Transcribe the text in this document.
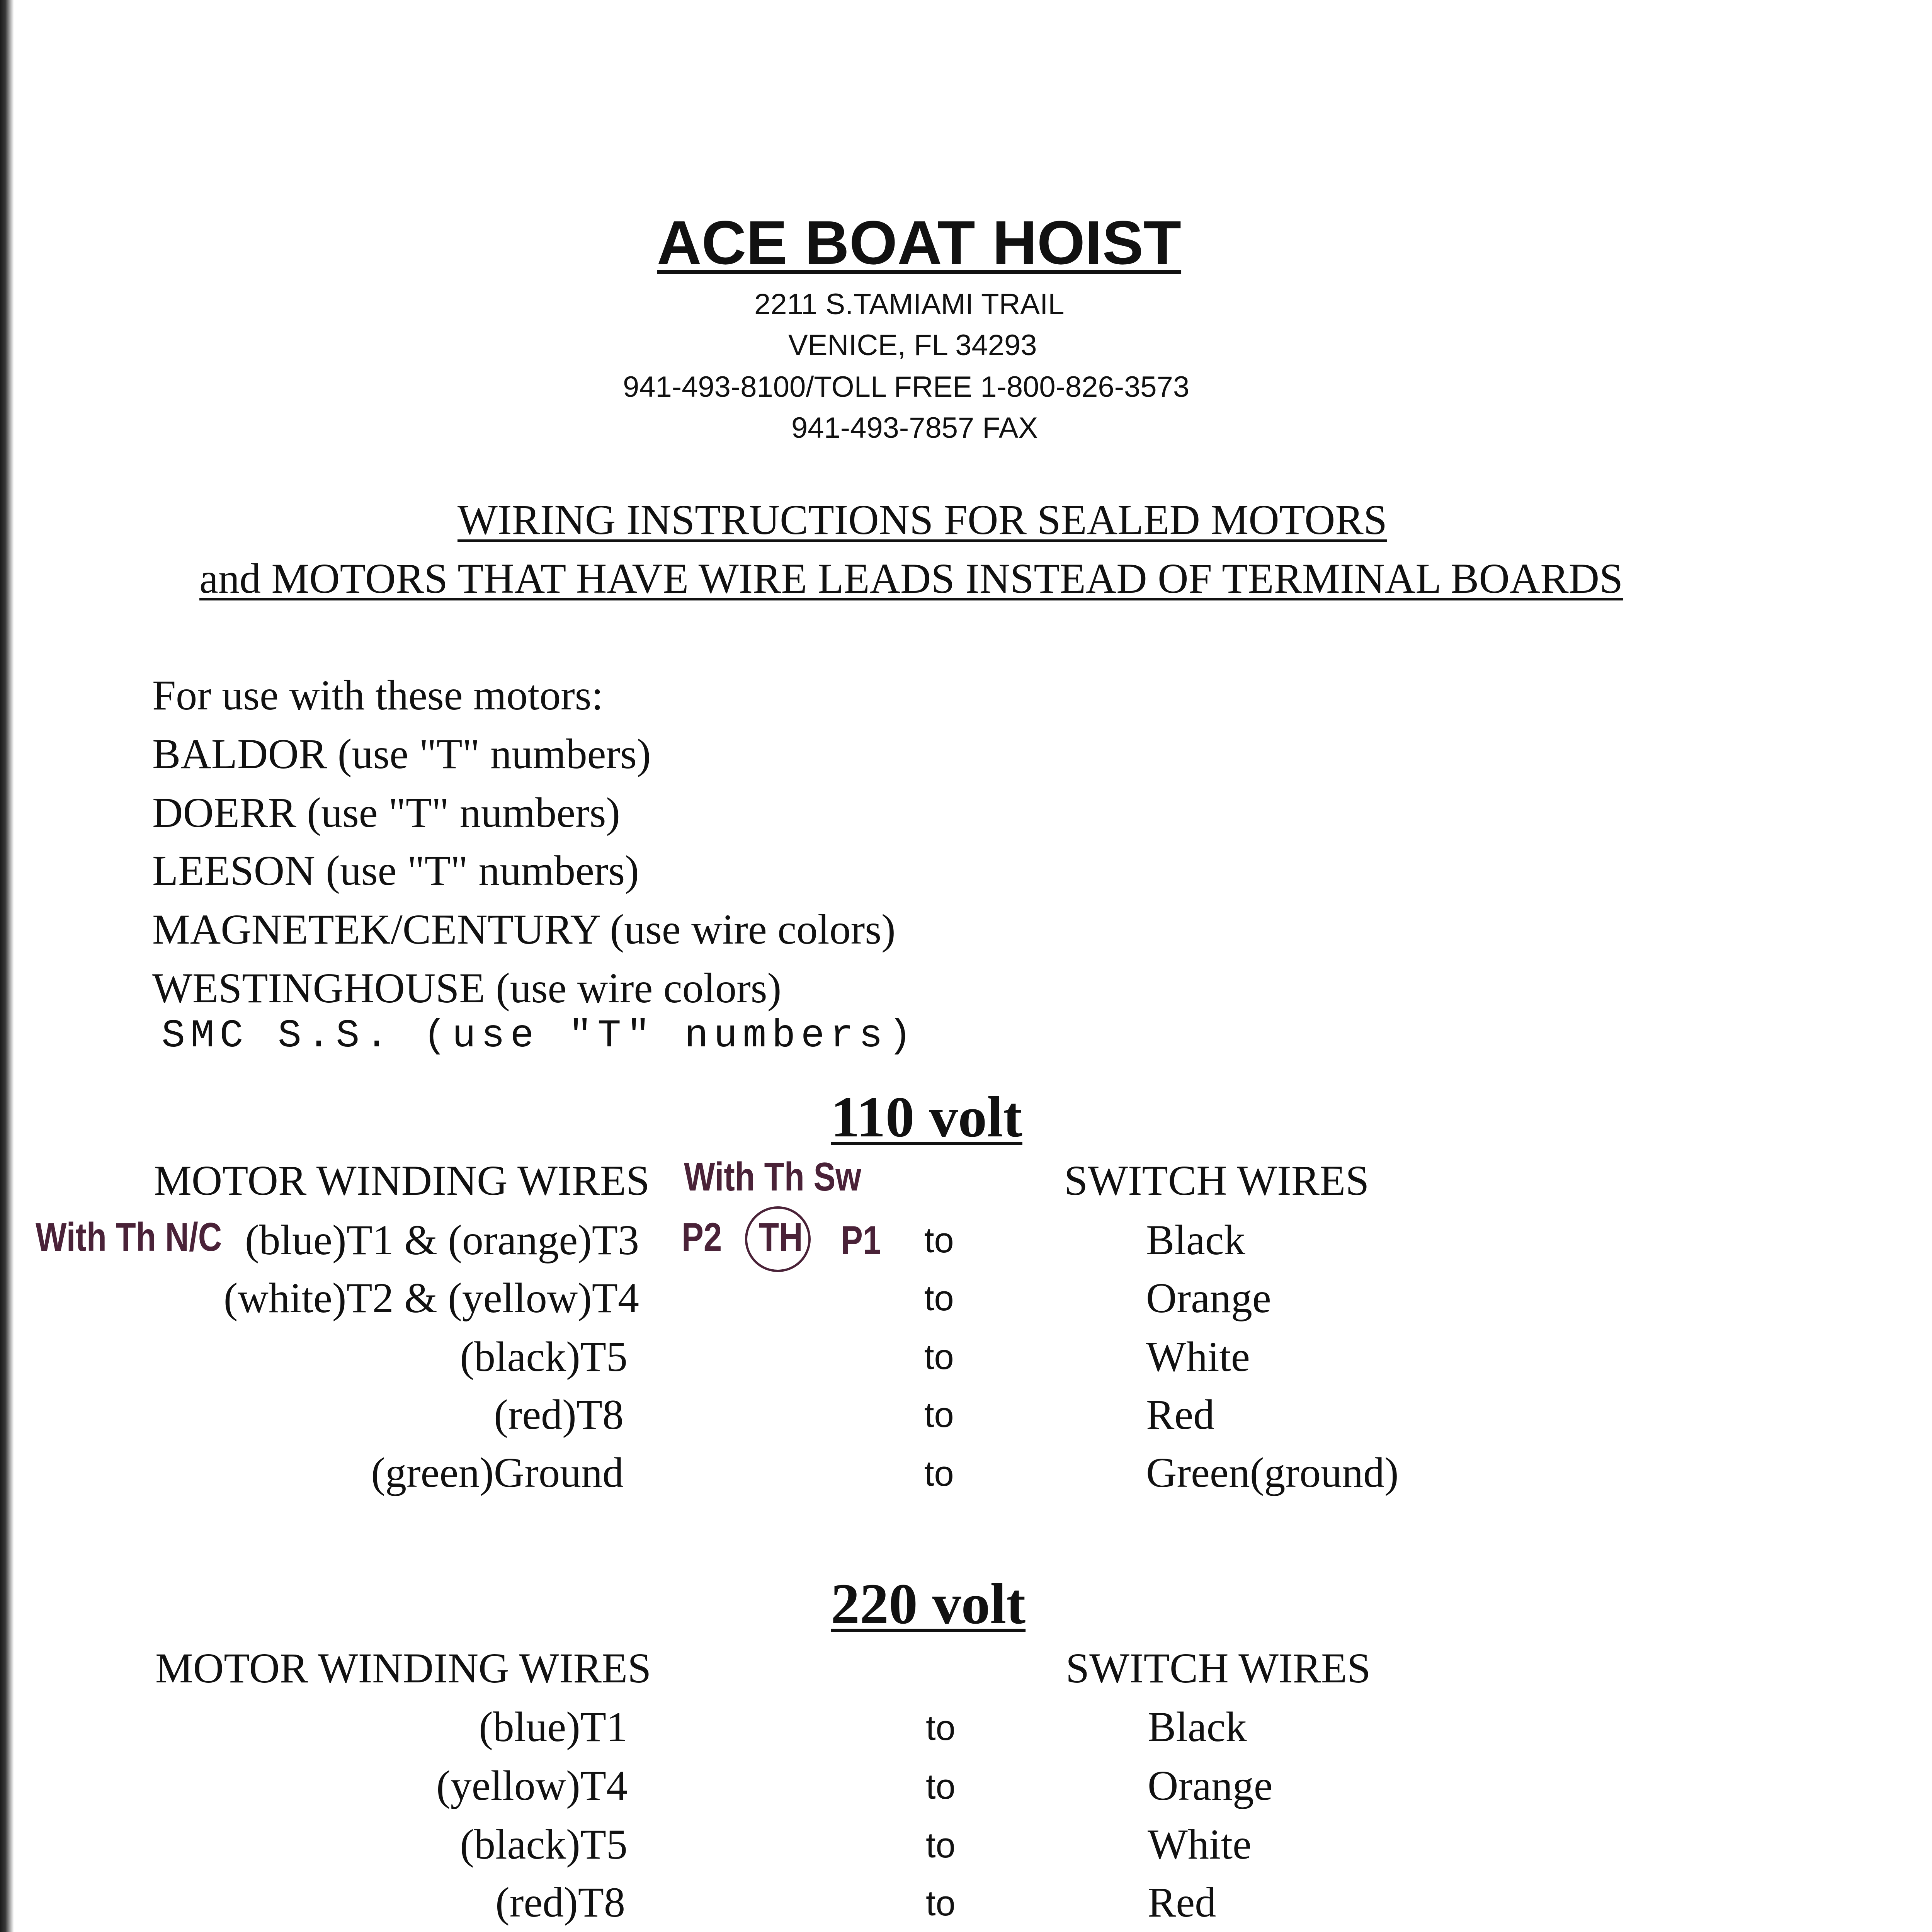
ACE BOAT HOIST
2211 S.TAMIAMI TRAIL
VENICE, FL 34293
941-493-8100/TOLL FREE 1-800-826-3573
941-493-7857 FAX
WIRING INSTRUCTIONS FOR SEALED MOTORS
and MOTORS THAT HAVE WIRE LEADS INSTEAD OF TERMINAL BOARDS
For use with these motors:
BALDOR (use "T" numbers)
DOERR (use "T" numbers)
LEESON (use "T" numbers)
MAGNETEK/CENTURY (use wire colors)
WESTINGHOUSE (use wire colors)
SMC S.S. (use "T" numbers)
110 volt
MOTOR WINDING WIRES With Th Sw	SWITCH WIRES
With Th N/C	P2 TH P1
(blue)T1 & (orange)T3	to	Black
(white)T2 & (yellow)T4	to	Orange
(black)T5	to	White
(red)T8	to	Red
(green)Ground	to	Green(ground)
220 volt
MOTOR WINDING WIRES	SWITCH WIRES
(blue)T1	to	Black
(yellow)T4	to	Orange
(black)T5	to	White
(red)T8	to	Red
